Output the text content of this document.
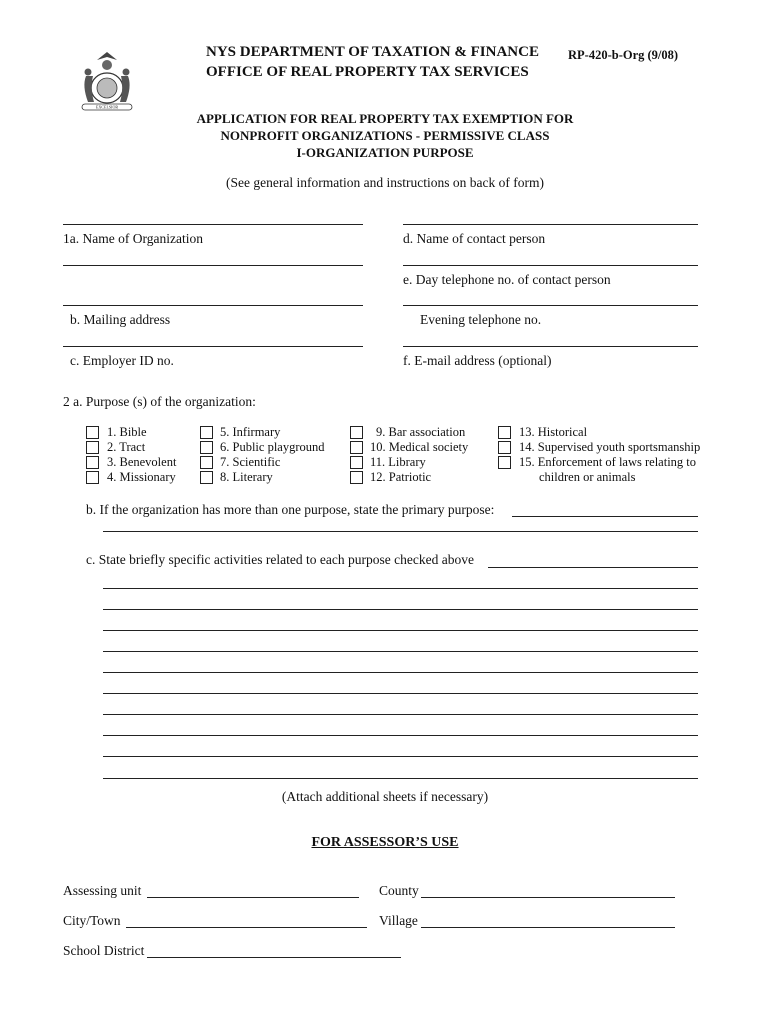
EXCELSIOR
NYS DEPARTMENT OF TAXATION & FINANCE
OFFICE OF REAL PROPERTY TAX SERVICES
RP-420-b-Org (9/08)
APPLICATION FOR REAL PROPERTY TAX EXEMPTION FOR
NONPROFIT ORGANIZATIONS - PERMISSIVE CLASS
I-ORGANIZATION PURPOSE
(See general information and instructions on back of form)
1a. Name of Organization	d. Name of contact person
e. Day telephone no. of contact person
b. Mailing address	Evening telephone no.
c. Employer ID no.	f. E-mail address (optional)
2 a. Purpose (s) of the organization:
1. Bible
2. Tract
3. Benevolent
4. Missionary
5. Infirmary
6. Public playground
7. Scientific
8. Literary
9. Bar association
10. Medical society
11. Library
12. Patriotic
13. Historical
14. Supervised youth sportsmanship
15. Enforcement of laws relating to
children or animals
b. If the organization has more than one purpose, state the primary purpose:
c. State briefly specific activities related to each purpose checked above
(Attach additional sheets if necessary)
FOR ASSESSOR’S USE
Assessing unit	County
City/Town	Village
School District
